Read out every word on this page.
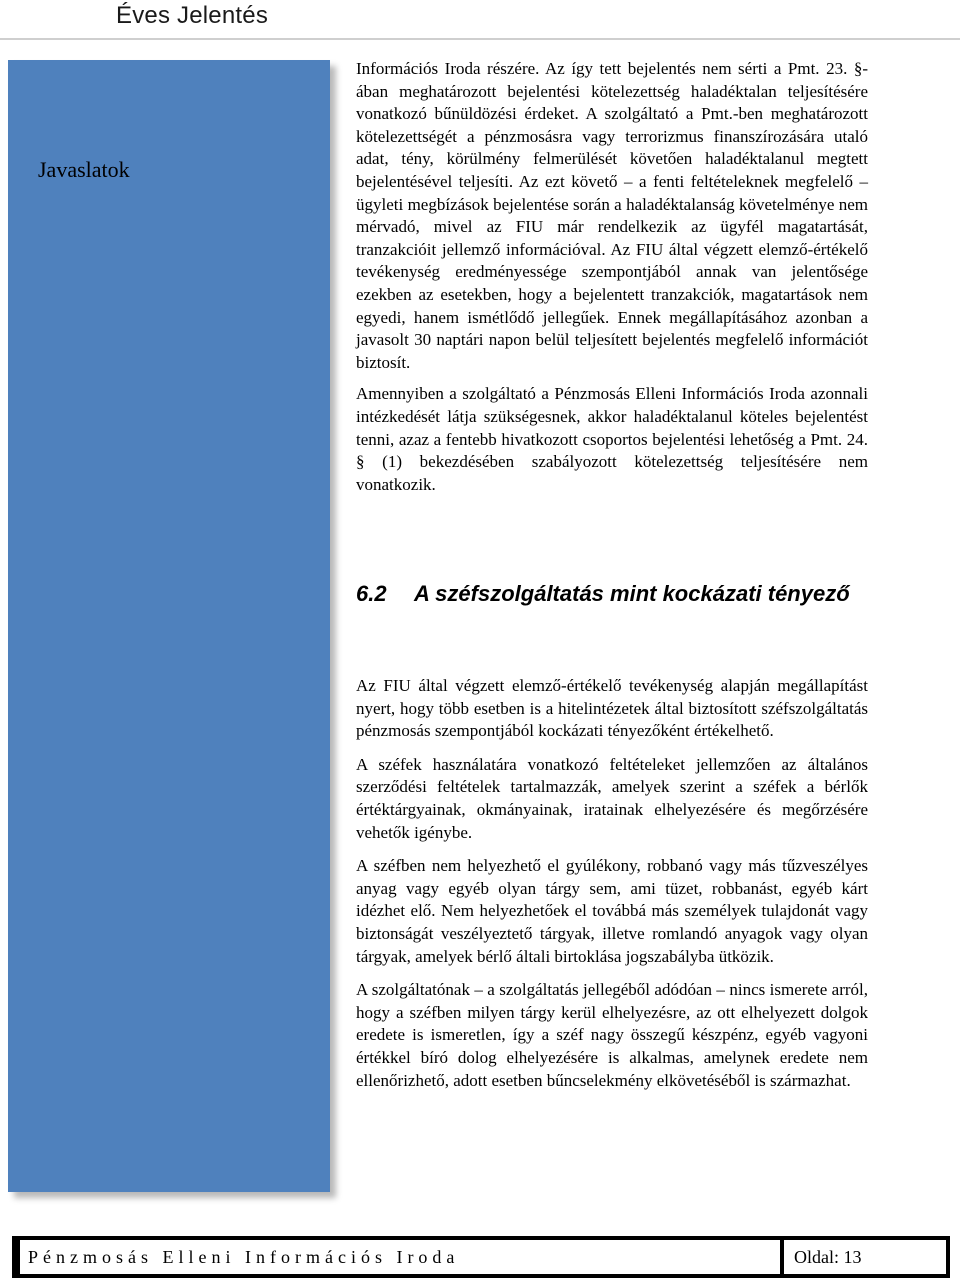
Éves Jelentés
Javaslatok

Információs Iroda részére. Az így tett bejelentés nem sérti a Pmt. 23. §-ában meghatározott bejelentési kötelezettség haladéktalan teljesítésére vonatkozó bűnüldözési érdeket. A szolgáltató a Pmt.-ben meghatározott kötelezettségét a pénzmosásra vagy terrorizmus finanszírozására utaló adat, tény, körülmény felmerülését követően haladéktalanul megtett bejelentésével teljesíti. Az ezt követő – a fenti feltételeknek megfelelő – ügyleti megbízások bejelentése során a haladéktalanság követelménye nem mérvadó, mivel az FIU már rendelkezik az ügyfél magatartását, tranzakcióit jellemző információval. Az FIU által végzett elemző-értékelő tevékenység eredményessége szempontjából annak van jelentősége ezekben az esetekben, hogy a bejelentett tranzakciók, magatartások nem egyedi, hanem ismétlődő jellegűek. Ennek megállapításához azonban a javasolt 30 naptári napon belül teljesített bejelentés megfelelő információt biztosít.

Amennyiben a szolgáltató a Pénzmosás Elleni Információs Iroda azonnali intézkedését látja szükségesnek, akkor haladéktalanul köteles bejelentést tenni, azaz a fentebb hivatkozott csoportos bejelentési lehetőség a Pmt. 24. § (1) bekezdésében szabályozott kötelezettség teljesítésére nem vonatkozik.

6.2 A széfszolgáltatás mint kockázati tényező

Az FIU által végzett elemző-értékelő tevékenység alapján megállapítást nyert, hogy több esetben is a hitelintézetek által biztosított széfszolgáltatás pénzmosás szempontjából kockázati tényezőként értékelhető.

A széfek használatára vonatkozó feltételeket jellemzően az általános szerződési feltételek tartalmazzák, amelyek szerint a széfek a bérlők értéktárgyainak, okmányainak, iratainak elhelyezésére és megőrzésére vehetők igénybe.

A széfben nem helyezhető el gyúlékony, robbanó vagy más tűzveszélyes anyag vagy egyéb olyan tárgy sem, ami tüzet, robbanást, egyéb kárt idézhet elő. Nem helyezhetőek el továbbá más személyek tulajdonát vagy biztonságát veszélyeztető tárgyak, illetve romlandó anyagok vagy olyan tárgyak, amelyek bérlő általi birtoklása jogszabályba ütközik.

A szolgáltatónak – a szolgáltatás jellegéből adódóan – nincs ismerete arról, hogy a széfben milyen tárgy kerül elhelyezésre, az ott elhelyezett dolgok eredete is ismeretlen, így a széf nagy összegű készpénz, egyéb vagyoni értékkel bíró dolog elhelyezésére is alkalmas, amelynek eredete nem ellenőrizhető, adott esetben bűncselekmény elkövetéséből is származhat.

Pénzmosás Elleni Információs Iroda	Oldal: 13
